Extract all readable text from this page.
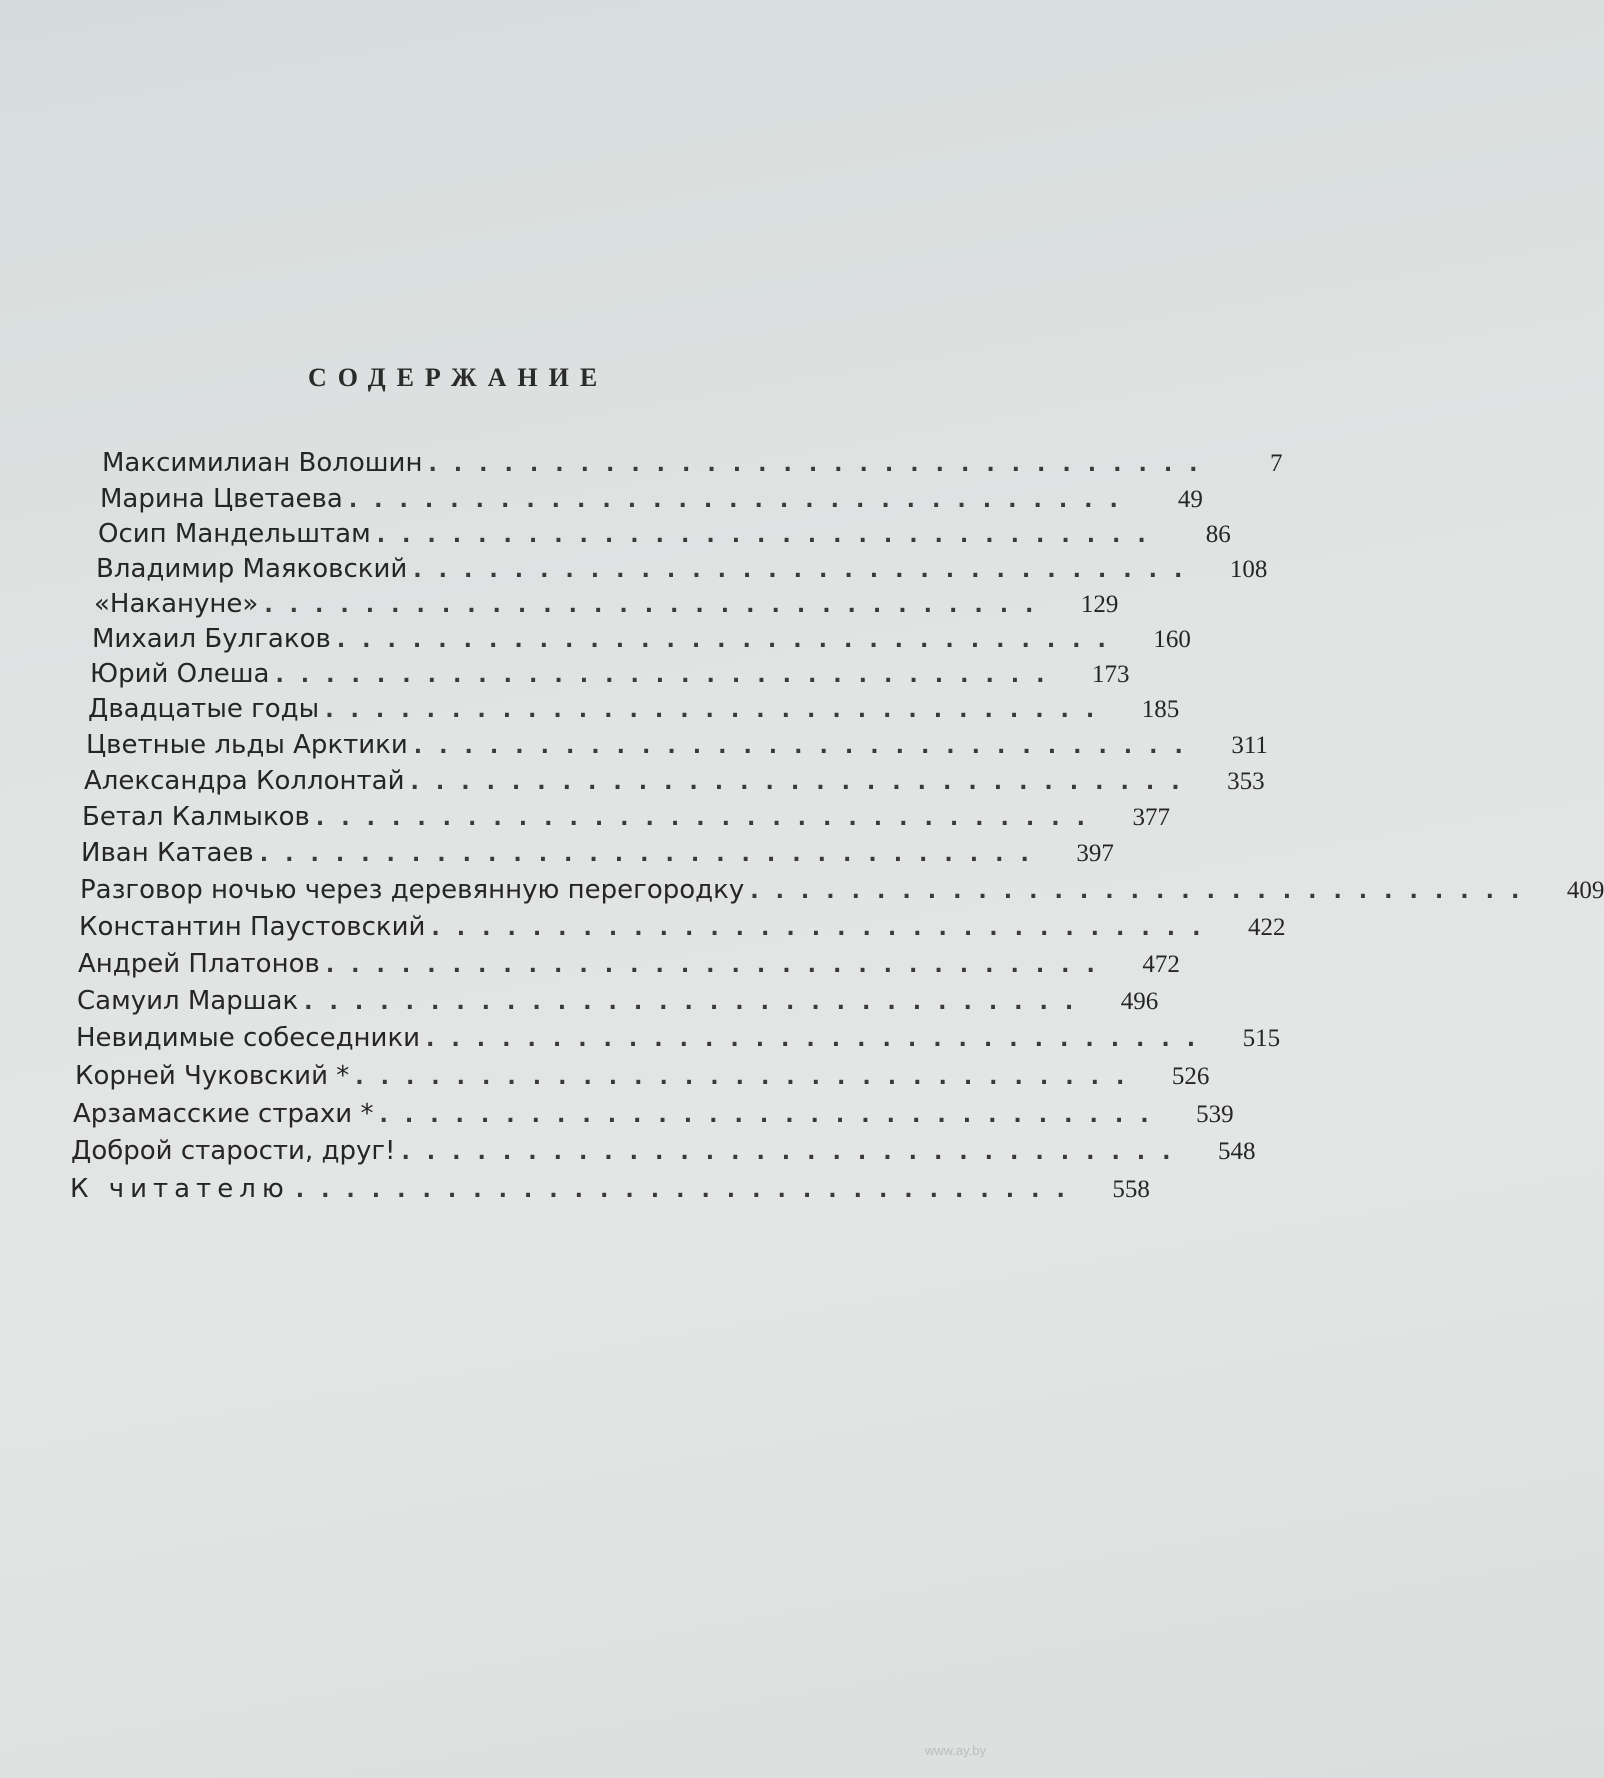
СОДЕРЖАНИЕ
Максимилиан Волошин ...............................	7
Марина Цветаева ...............................	49
Осип Мандельштам ...............................	86
Владимир Маяковский ...............................	108
«Накануне» ...............................	129
Михаил Булгаков ...............................	160
Юрий Олеша ...............................	173
Двадцатые годы ...............................	185
Цветные льды Арктики ...............................	311
Александра Коллонтай ...............................	353
Бетал Калмыков ...............................	377
Иван Катаев ...............................	397
Разговор ночью через деревянную перегородку ...............................	409
Константин Паустовский ...............................	422
Андрей Платонов ...............................	472
Самуил Маршак ...............................	496
Невидимые собеседники ...............................	515
Корней Чуковский * ...............................	526
Арзамасские страхи * ...............................	539
Доброй старости, друг! ...............................	548
К читателю ...............................	558
www.ay.by
